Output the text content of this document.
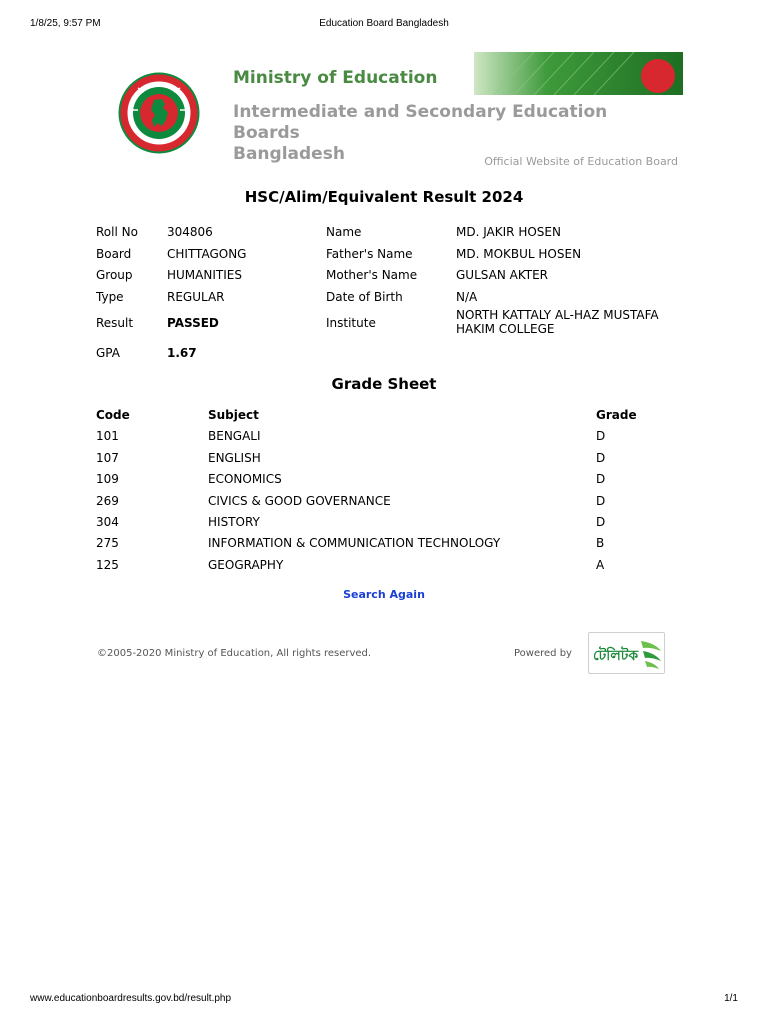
1/8/25, 9:57 PM	Education Board Bangladesh
Ministry of Education
Intermediate and Secondary Education Boards
Bangladesh	Official Website of Education Board
HSC/Alim/Equivalent Result 2024
Roll No 304806	Name	MD. JAKIR HOSEN
Board	CHITTAGONG	Father's Name	MD. MOKBUL HOSEN
Group	HUMANITIES	Mother's Name	GULSAN AKTER
Type	REGULAR	Date of Birth	N/A
Result	PASSED	Institute
NORTH KATTALY AL-HAZ MUSTAFA HAKIM COLLEGE
GPA	1.67
Grade Sheet
Code	Subject	Grade
101	BENGALI	D
107	ENGLISH	D
109	ECONOMICS	D
269	CIVICS & GOOD GOVERNANCE	D
304	HISTORY	D
275	INFORMATION & COMMUNICATION TECHNOLOGY	B
125	GEOGRAPHY	A
Search Again
©2005-2020 Ministry of Education, All rights reserved.	Powered by টেলিটক
www.educationboardresults.gov.bd/result.php	1/1
